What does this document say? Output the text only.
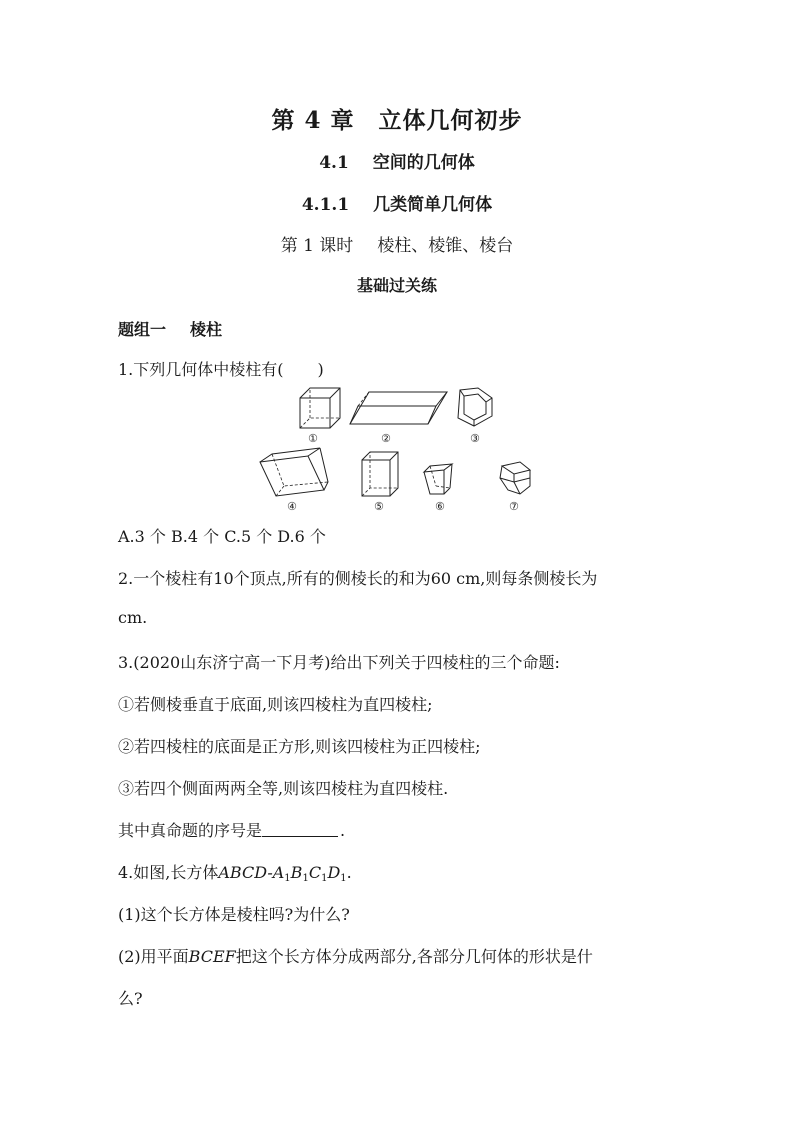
第 4 章 立体几何初步
4.1 空间的几何体
4.1.1 几类简单几何体
第 1 课时 棱柱、棱锥、棱台
基础过关练
题组一 棱柱
1.下列几何体中棱柱有( )
①	②	③
④	⑤	⑥	⑦
A.3 个 B.4 个 C.5 个 D.6 个
2.一个棱柱有10个顶点,所有的侧棱长的和为60 cm,则每条侧棱长为
cm.
3.(2020山东济宁高一下月考)给出下列关于四棱柱的三个命题:
①若侧棱垂直于底面,则该四棱柱为直四棱柱;
②若四棱柱的底面是正方形,则该四棱柱为正四棱柱;
③若四个侧面两两全等,则该四棱柱为直四棱柱.
其中真命题的序号是	.
4.如图,长方体ABCD-$A_1B_1C_1D_1$.
(1)这个长方体是棱柱吗?为什么?
(2)用平面BCEF把这个长方体分成两部分,各部分几何体的形状是什
么?
